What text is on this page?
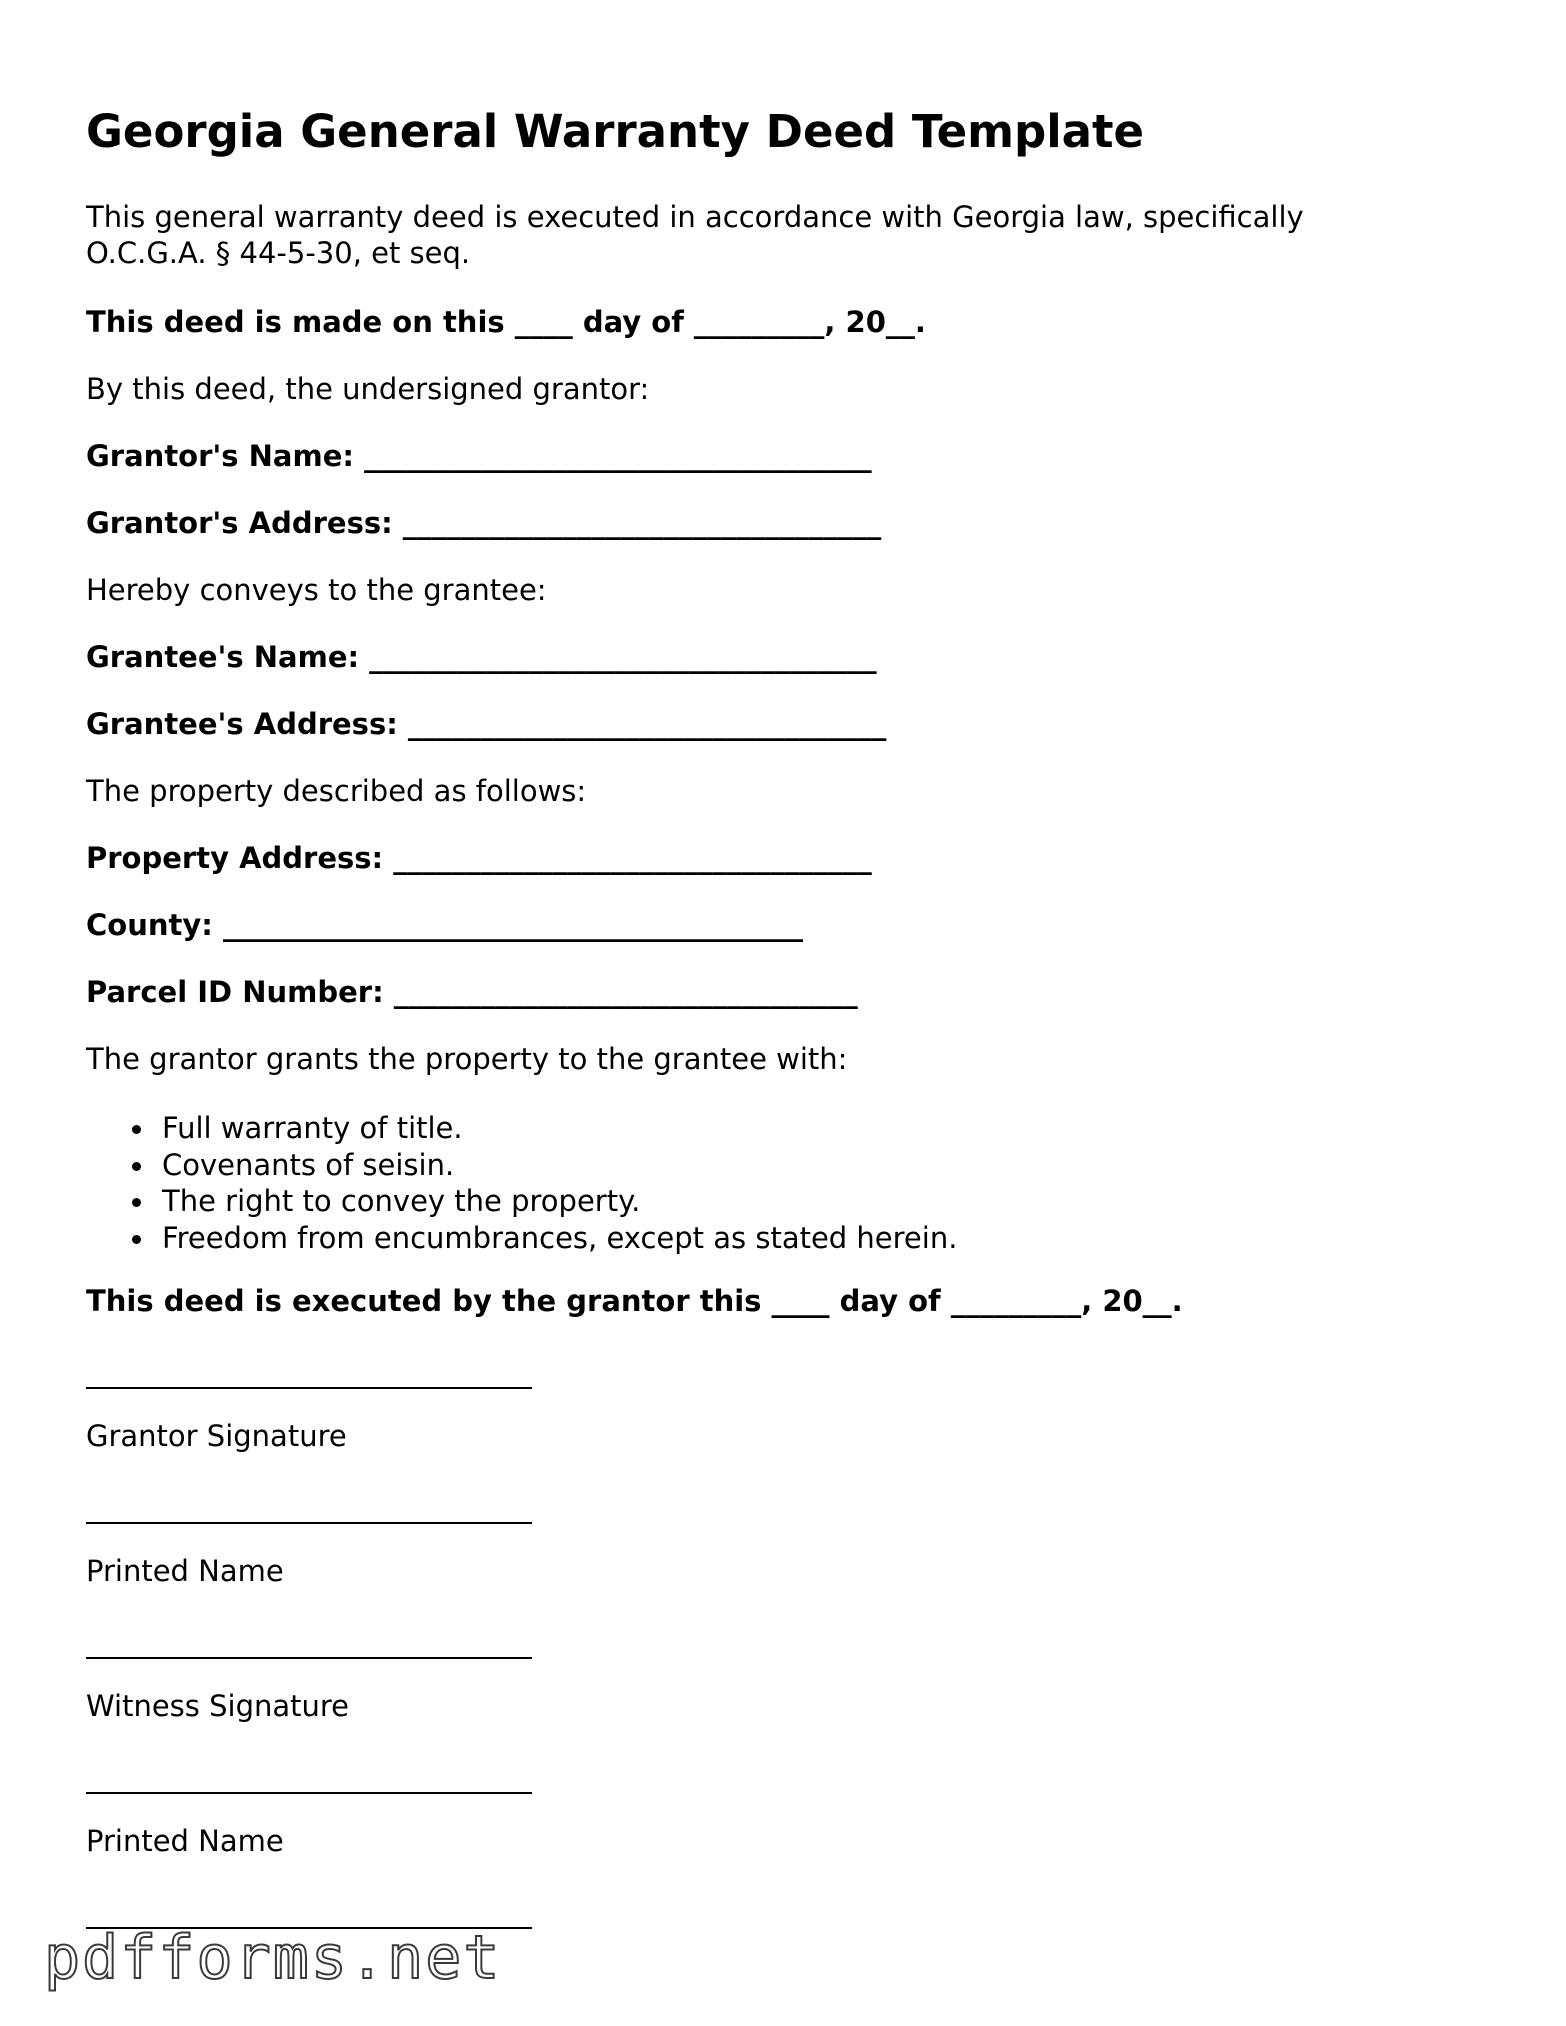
Georgia General Warranty Deed Template

This general warranty deed is executed in accordance with Georgia law, specifically O.C.G.A. § 44-5-30, et seq.

This deed is made on this ____ day of _________, 20__.

By this deed, the undersigned grantor:

Grantor's Name: ___________________________________

Grantor's Address: _________________________________

Hereby conveys to the grantee:

Grantee's Name: ___________________________________

Grantee's Address: _________________________________

The property described as follows:

Property Address: _________________________________

County: ________________________________________

Parcel ID Number: ________________________________

The grantor grants the property to the grantee with:

Full warranty of title.
Covenants of seisin.
The right to convey the property.
Freedom from encumbrances, except as stated herein.

This deed is executed by the grantor this ____ day of _________, 20__.

Grantor Signature

Printed Name

Witness Signature

Printed Name

pdfforms.net
